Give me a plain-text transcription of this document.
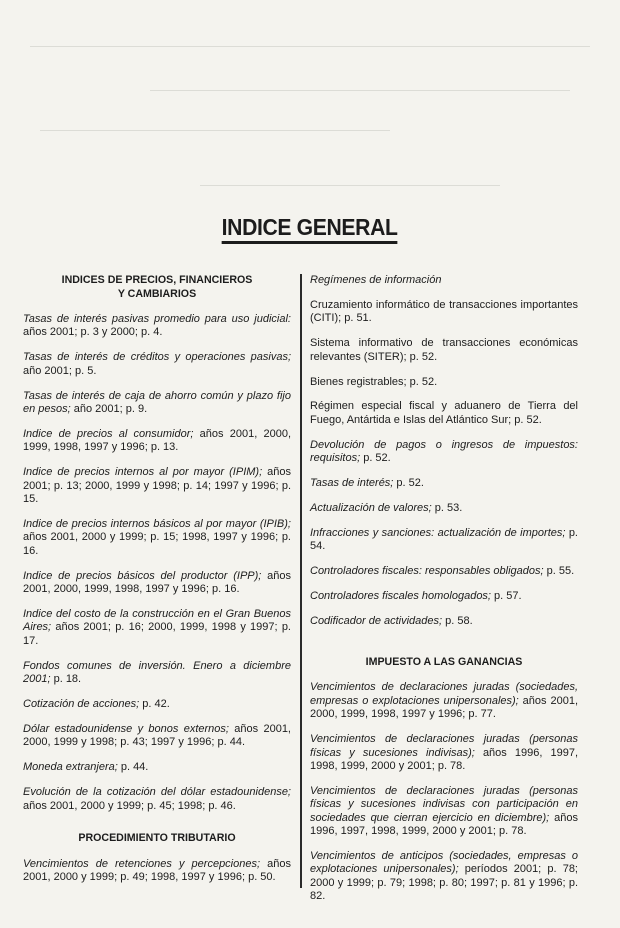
INDICE GENERAL
INDICES DE PRECIOS, FINANCIEROS
Y CAMBIARIOS

Tasas de interés pasivas promedio para uso judicial: años 2001; p. 3 y 2000; p. 4.

Tasas de interés de créditos y operaciones pasivas; año 2001; p. 5.

Tasas de interés de caja de ahorro común y plazo fijo en pesos; año 2001; p. 9.

Indice de precios al consumidor; años 2001, 2000, 1999, 1998, 1997 y 1996; p. 13.

Indice de precios internos al por mayor (IPIM); años 2001; p. 13; 2000, 1999 y 1998; p. 14; 1997 y 1996; p. 15.

Indice de precios internos básicos al por mayor (IPIB); años 2001, 2000 y 1999; p. 15; 1998, 1997 y 1996; p. 16.

Indice de precios básicos del productor (IPP); años 2001, 2000, 1999, 1998, 1997 y 1996; p. 16.

Indice del costo de la construcción en el Gran Buenos Aires; años 2001; p. 16; 2000, 1999, 1998 y 1997; p. 17.

Fondos comunes de inversión. Enero a diciembre 2001; p. 18.

Cotización de acciones; p. 42.

Dólar estadounidense y bonos externos; años 2001, 2000, 1999 y 1998; p. 43; 1997 y 1996; p. 44.

Moneda extranjera; p. 44.

Evolución de la cotización del dólar estadounidense; años 2001, 2000 y 1999; p. 45; 1998; p. 46.

PROCEDIMIENTO TRIBUTARIO

Vencimientos de retenciones y percepciones; años 2001, 2000 y 1999; p. 49; 1998, 1997 y 1996; p. 50.

Regímenes de información

Cruzamiento informático de transacciones importantes (CITI); p. 51.

Sistema informativo de transacciones económicas relevantes (SITER); p. 52.

Bienes registrables; p. 52.

Régimen especial fiscal y aduanero de Tierra del Fuego, Antártida e Islas del Atlántico Sur; p. 52.

Devolución de pagos o ingresos de impuestos: requisitos; p. 52.

Tasas de interés; p. 52.

Actualización de valores; p. 53.

Infracciones y sanciones: actualización de importes; p. 54.

Controladores fiscales: responsables obligados; p. 55.

Controladores fiscales homologados; p. 57.

Codificador de actividades; p. 58.

IMPUESTO A LAS GANANCIAS

Vencimientos de declaraciones juradas (sociedades, empresas o explotaciones unipersonales); años 2001, 2000, 1999, 1998, 1997 y 1996; p. 77.

Vencimientos de declaraciones juradas (personas físicas y sucesiones indivisas); años 1996, 1997, 1998, 1999, 2000 y 2001; p. 78.

Vencimientos de declaraciones juradas (personas físicas y sucesiones indivisas con participación en sociedades que cierran ejercicio en diciembre); años 1996, 1997, 1998, 1999, 2000 y 2001; p. 78.

Vencimientos de anticipos (sociedades, empresas o explotaciones unipersonales); períodos 2001; p. 78; 2000 y 1999; p. 79; 1998; p. 80; 1997; p. 81 y 1996; p. 82.
